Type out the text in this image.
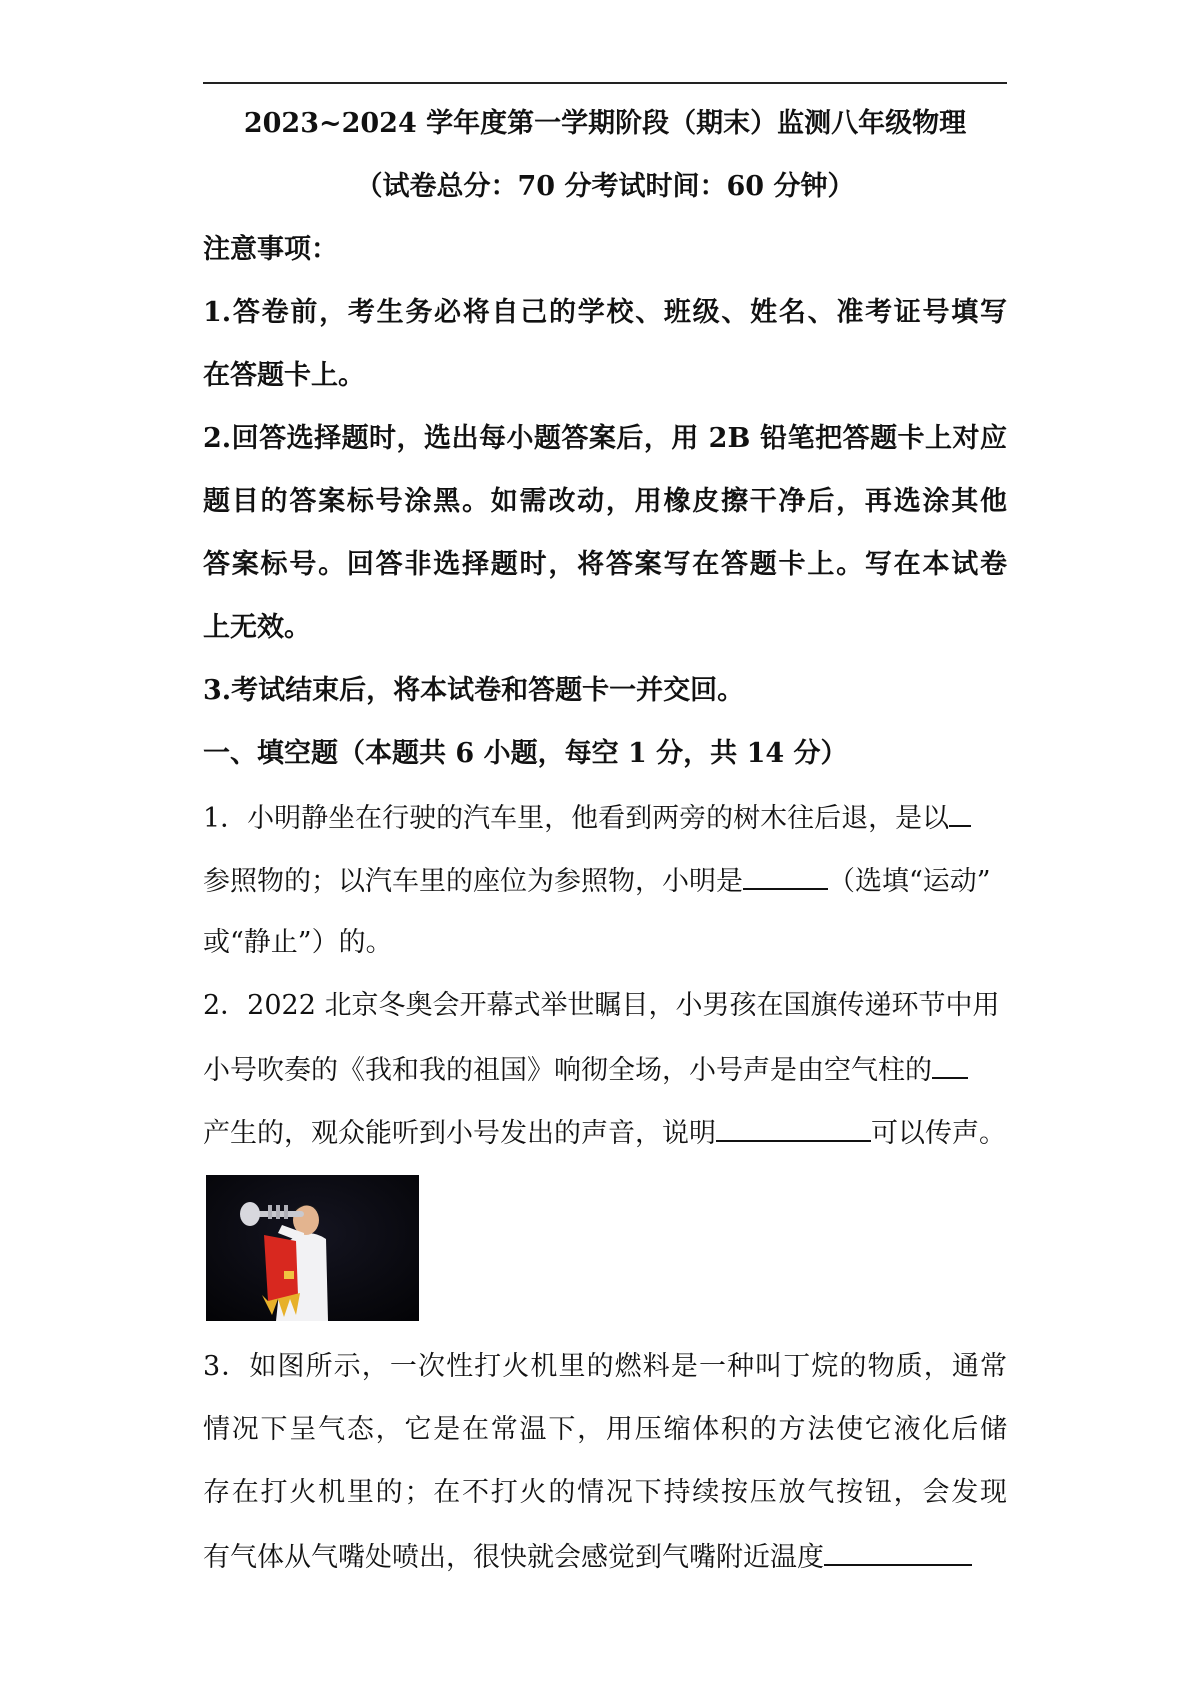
2023~2024 学年度第一学期阶段（期末）监测八年级物理
（试卷总分：70 分考试时间：60 分钟）
注意事项：
1.答卷前，考生务必将自己的学校、班级、姓名、准考证号填写
在答题卡上。
2.回答选择题时，选出每小题答案后，用 2B 铅笔把答题卡上对应
题目的答案标号涂黑。如需改动，用橡皮擦干净后，再选涂其他
答案标号。回答非选择题时，将答案写在答题卡上。写在本试卷
上无效。
3.考试结束后，将本试卷和答题卡一并交回。
一、填空题（本题共 6 小题，每空 1 分，共 14 分）
1．小明静坐在行驶的汽车里，他看到两旁的树木往后退，是以
参照物的；以汽车里的座位为参照物，小明是	（选填“运动”
或“静止”）的。
2．2022 北京冬奥会开幕式举世瞩目，小男孩在国旗传递环节中用
小号吹奏的《我和我的祖国》响彻全场，小号声是由空气柱的
产生的，观众能听到小号发出的声音，说明	可以传声。
3．如图所示，一次性打火机里的燃料是一种叫丁烷的物质，通常
情况下呈气态，它是在常温下，用压缩体积的方法使它液化后储
存在打火机里的；在不打火的情况下持续按压放气按钮，会发现
有气体从气嘴处喷出，很快就会感觉到气嘴附近温度
